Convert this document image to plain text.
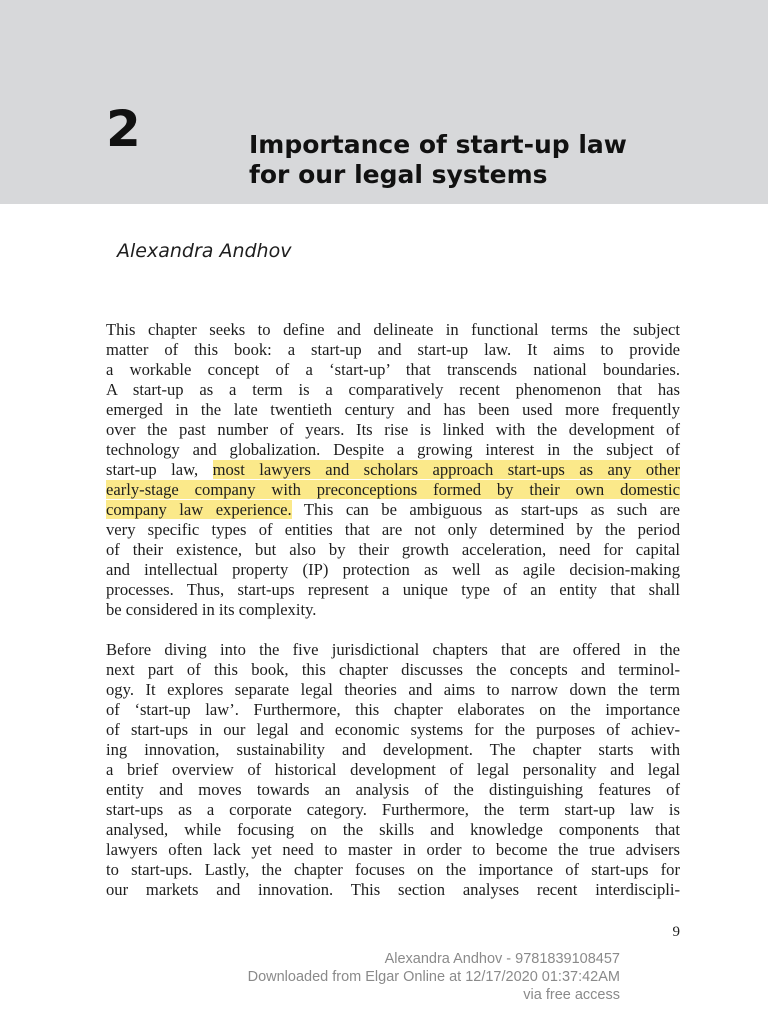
2	Importance of start-up law
for our legal systems
Alexandra Andhov
This chapter seeks to define and delineate in functional terms the subject
matter of this book: a start-up and start-up law. It aims to provide
a workable concept of a ‘start-up’ that transcends national boundaries.
A start-up as a term is a comparatively recent phenomenon that has
emerged in the late twentieth century and has been used more frequently
over the past number of years. Its rise is linked with the development of
technology and globalization. Despite a growing interest in the subject of
start-up law, most lawyers and scholars approach start-ups as any other
early-stage company with preconceptions formed by their own domestic
company law experience. This can be ambiguous as start-ups as such are
very specific types of entities that are not only determined by the period
of their existence, but also by their growth acceleration, need for capital
and intellectual property (IP) protection as well as agile decision-making
processes. Thus, start-ups represent a unique type of an entity that shall
be considered in its complexity.
Before diving into the five jurisdictional chapters that are offered in the
next part of this book, this chapter discusses the concepts and terminol-
ogy. It explores separate legal theories and aims to narrow down the term
of ‘start-up law’. Furthermore, this chapter elaborates on the importance
of start-ups in our legal and economic systems for the purposes of achiev-
ing innovation, sustainability and development. The chapter starts with
a brief overview of historical development of legal personality and legal
entity and moves towards an analysis of the distinguishing features of
start-ups as a corporate category. Furthermore, the term start-up law is
analysed, while focusing on the skills and knowledge components that
lawyers often lack yet need to master in order to become the true advisers
to start-ups. Lastly, the chapter focuses on the importance of start-ups for
our markets and innovation. This section analyses recent interdiscipli-
9
Alexandra Andhov - 9781839108457
Downloaded from Elgar Online at 12/17/2020 01:37:42AM
via free access
